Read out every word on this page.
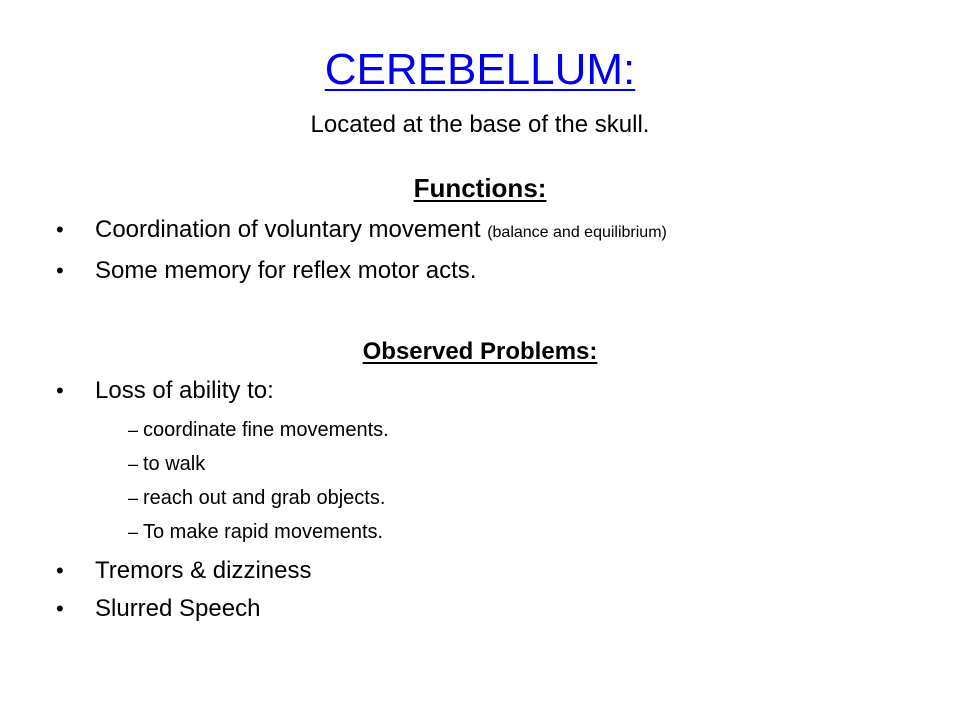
CEREBELLUM:
Located at the base of the skull.
Functions:
• Coordination of voluntary movement (balance and equilibrium)
• Some memory for reflex motor acts.
Observed Problems:
• Loss of ability to:
– coordinate fine movements.
– to walk
– reach out and grab objects.
– To make rapid movements.
• Tremors & dizziness
• Slurred Speech
